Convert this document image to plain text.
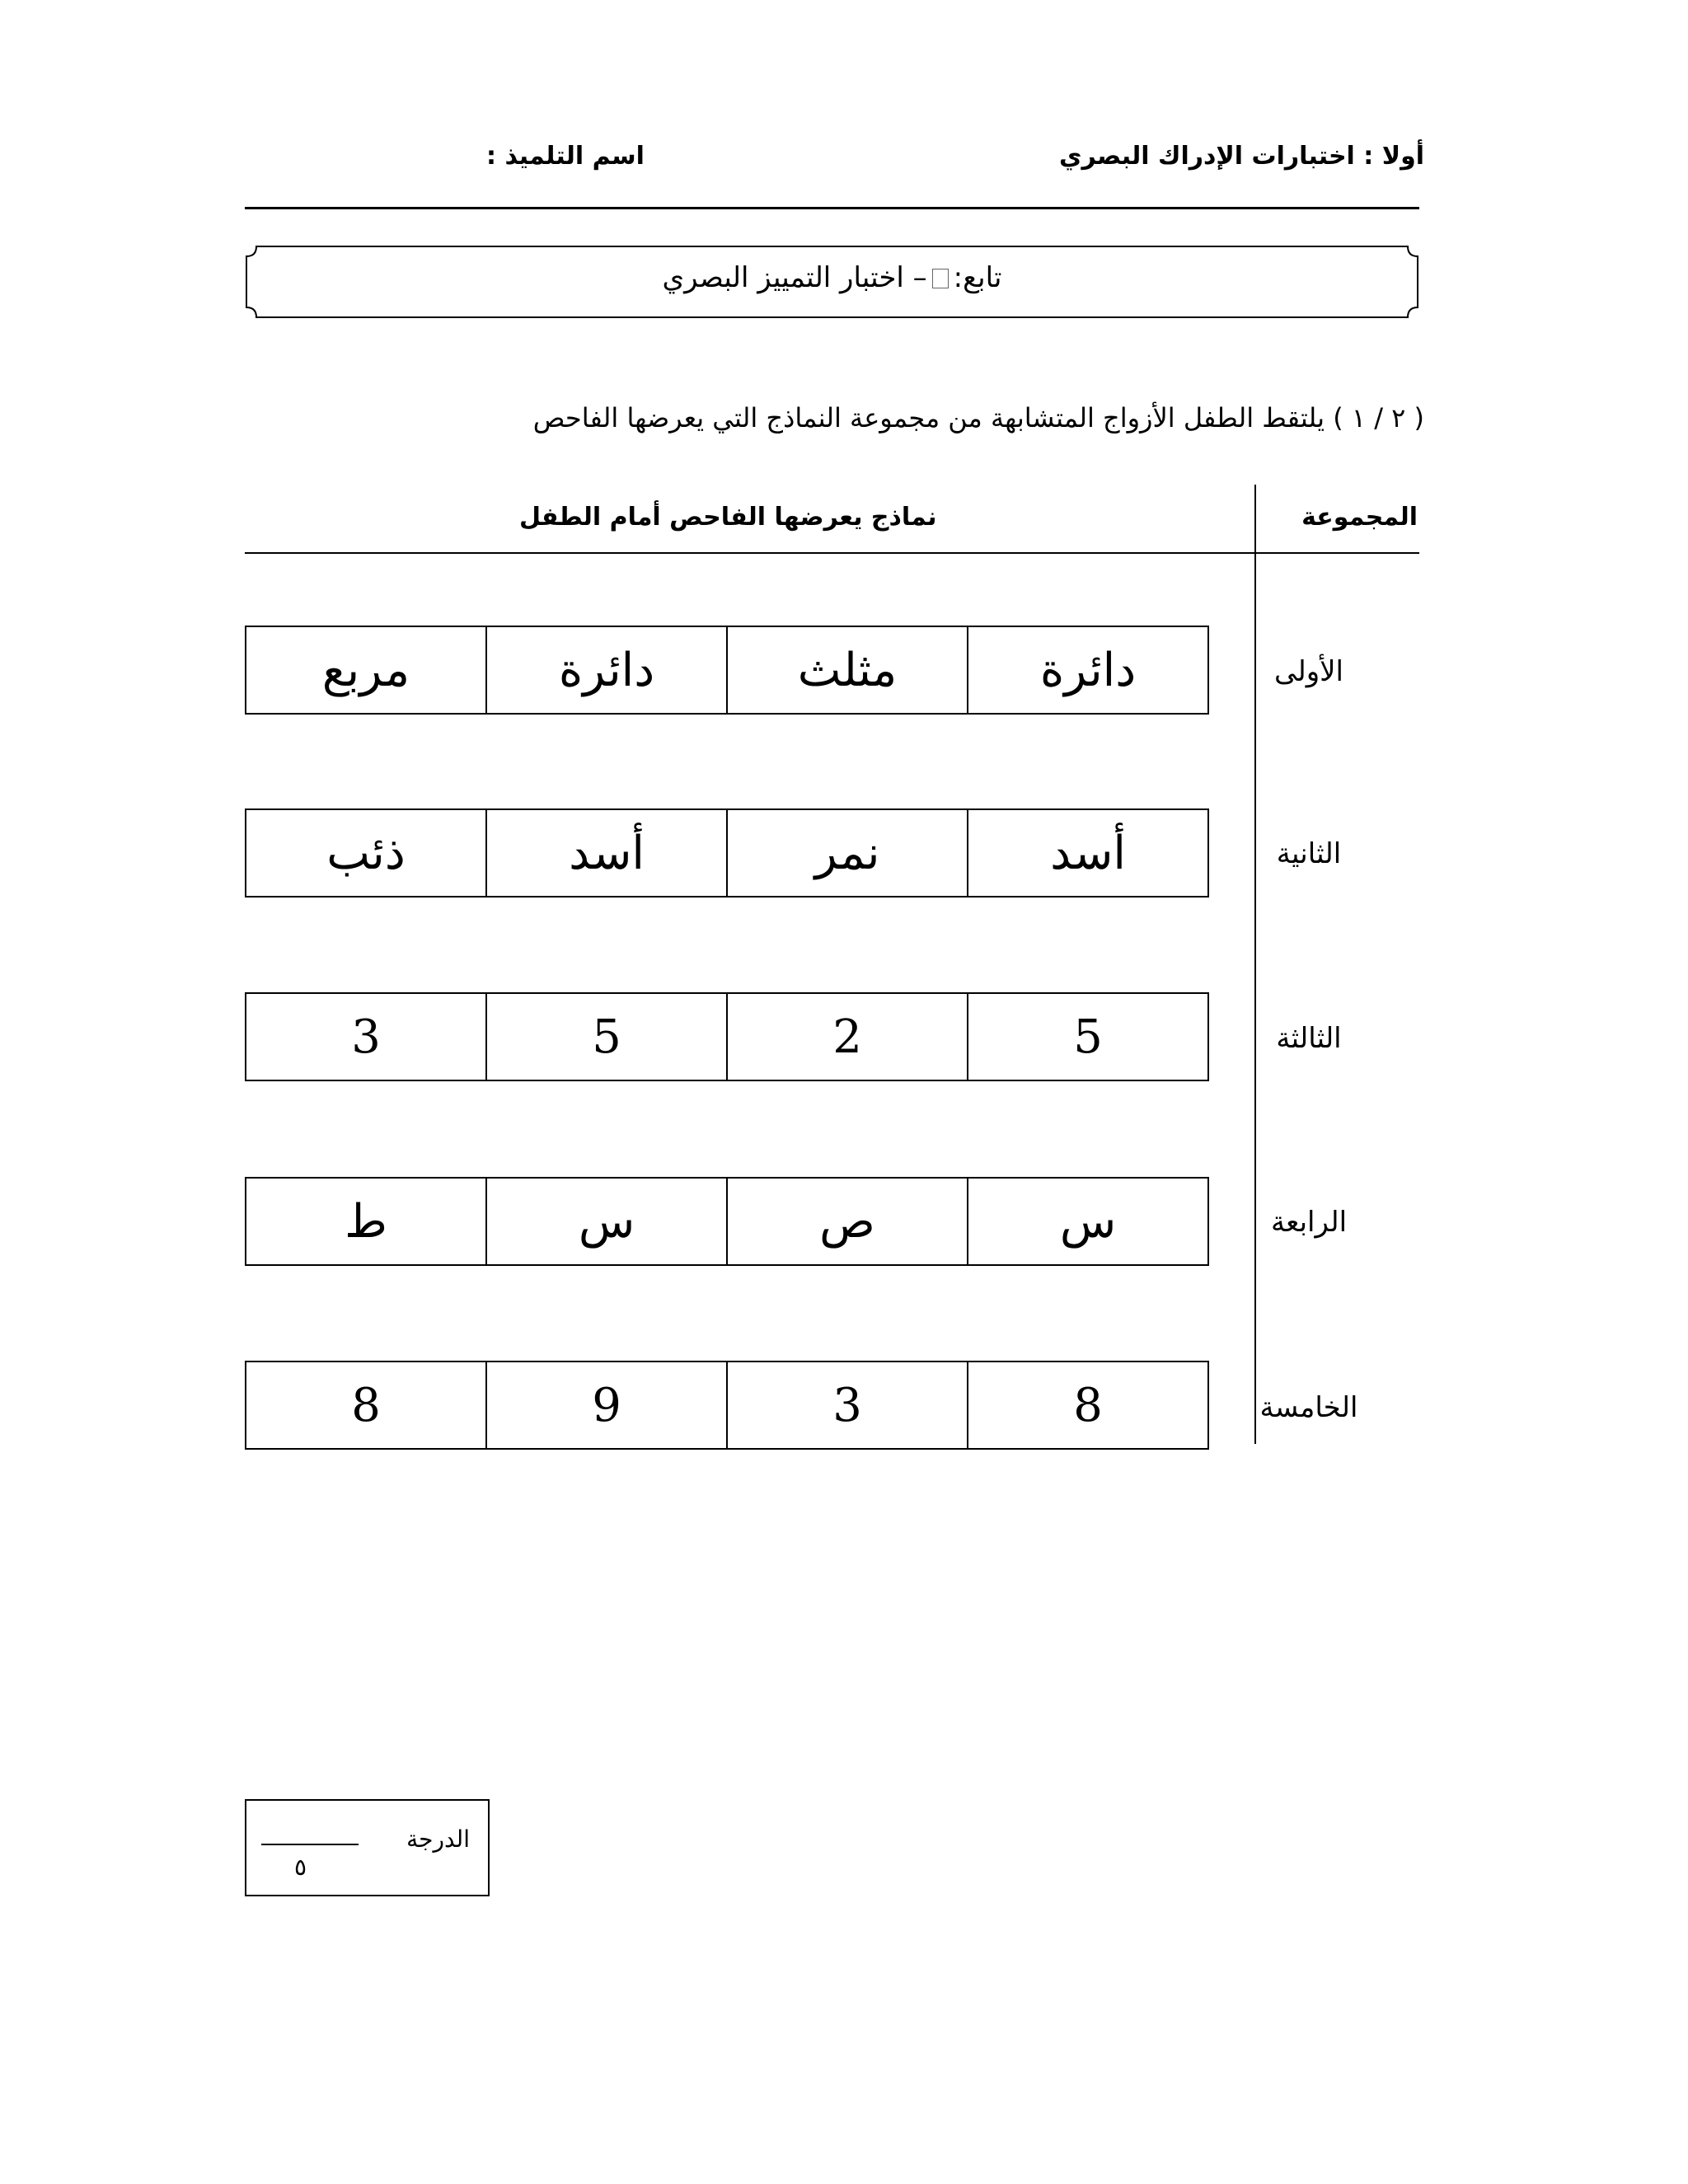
أولا : اختبارات الإدراك البصري
اسم التلميذ :
تابع:– اختبار التمييز البصري
( ٢ / ١ ) يلتقط الطفل الأزواج المتشابهة من مجموعة النماذج التي يعرضها الفاحص
المجموعة
نماذج يعرضها الفاحص أمام الطفل
الأولى
دائرة
مثلث
دائرة
مربع
الثانية
أسد
نمر
أسد
ذئب
الثالثة
5
2
5
3
الرابعة
س
ص
س
ط
الخامسة
8
3
9
8
الدرجة
٥
